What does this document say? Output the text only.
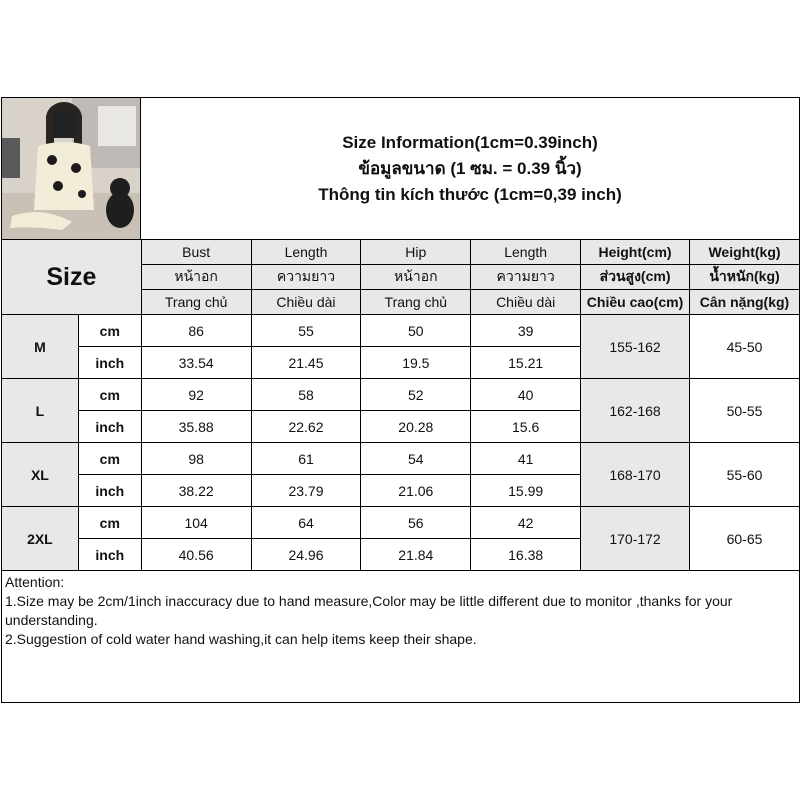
Size Information(1cm=0.39inch)
ข้อมูลขนาด (1 ซม. = 0.39 นิ้ว)
Thông tin kích thước (1cm=0,39 inch)
Size		Bust	Length	Hip	Length	Height(cm)	Weight(kg)
		หน้าอก	ความยาว	หน้าอก	ความยาว	ส่วนสูง(cm)	น้ำหนัก(kg)
		Trang chủ	Chiều dài	Trang chủ	Chiều dài	Chiều cao(cm)	Cân nặng(kg)
M	cm	86	55	50	39	155-162	45-50
	inch	33.54	21.45	19.5	15.21		
L	cm	92	58	52	40	162-168	50-55
	inch	35.88	22.62	20.28	15.6		
XL	cm	98	61	54	41	168-170	55-60
	inch	38.22	23.79	21.06	15.99		
2XL	cm	104	64	56	42	170-172	60-65
	inch	40.56	24.96	21.84	16.38		

Attention:

1.Size may be 2cm/1inch inaccuracy due to hand measure,Color may be little different due to monitor ,thanks for your understanding.

2.Suggestion of cold water hand washing,it can help items keep their shape.
